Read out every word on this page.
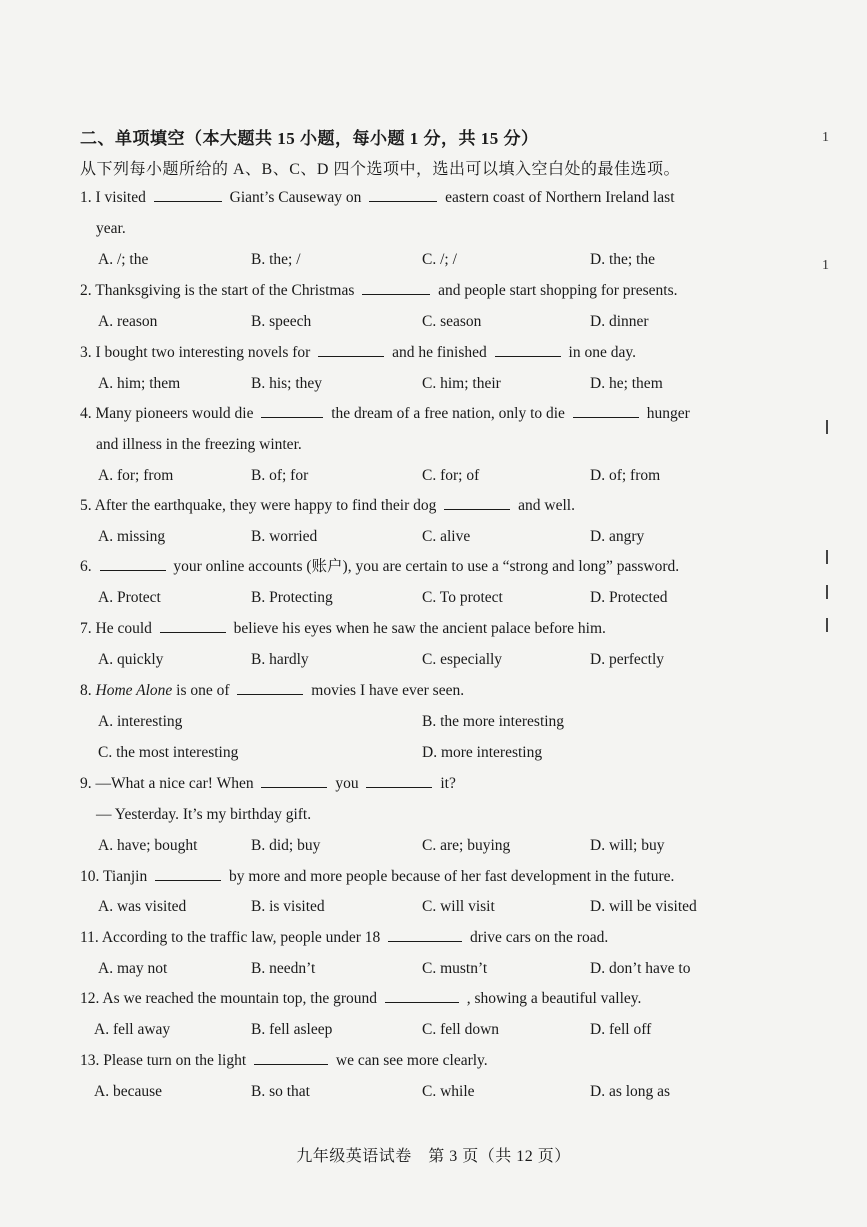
二、单项填空（本大题共 15 小题，每小题 1 分，共 15 分）
从下列每小题所给的 A、B、C、D 四个选项中，选出可以填入空白处的最佳选项。
1. I visited	Giant’s Causeway on	eastern coast of Northern Ireland last
year.
A. /; the	B. the; /	C. /; /	D. the; the
2. Thanksgiving is the start of the Christmas	and people start shopping for presents.
A. reason	B. speech	C. season	D. dinner
3. I bought two interesting novels for	and he finished	in one day.
A. him; them	B. his; they	C. him; their	D. he; them
4. Many pioneers would die	the dream of a free nation, only to die	hunger
and illness in the freezing winter.
A. for; from	B. of; for	C. for; of	D. of; from
5. After the earthquake, they were happy to find their dog	and well.
A. missing	B. worried	C. alive	D. angry
6.	your online accounts (账户), you are certain to use a “strong and long” password.
A. Protect	B. Protecting	C. To protect	D. Protected
7. He could	believe his eyes when he saw the ancient palace before him.
A. quickly	B. hardly	C. especially	D. perfectly
8. Home Alone is one of	movies I have ever seen.
A. interesting	B. the more interesting
C. the most interesting	D. more interesting
9. —What a nice car! When	you	it?
— Yesterday. It’s my birthday gift.
A. have; bought	B. did; buy	C. are; buying	D. will; buy
10. Tianjin	by more and more people because of her fast development in the future.
A. was visited	B. is visited	C. will visit	D. will be visited
11. According to the traffic law, people under 18	drive cars on the road.
A. may not	B. needn’t	C. mustn’t	D. don’t have to
12. As we reached the mountain top, the ground	, showing a beautiful valley.
A. fell away	B. fell asleep	C. fell down	D. fell off
13. Please turn on the light	we can see more clearly.
A. because	B. so that	C. while	D. as long as
九年级英语试卷　第 3 页（共 12 页）
1
1
